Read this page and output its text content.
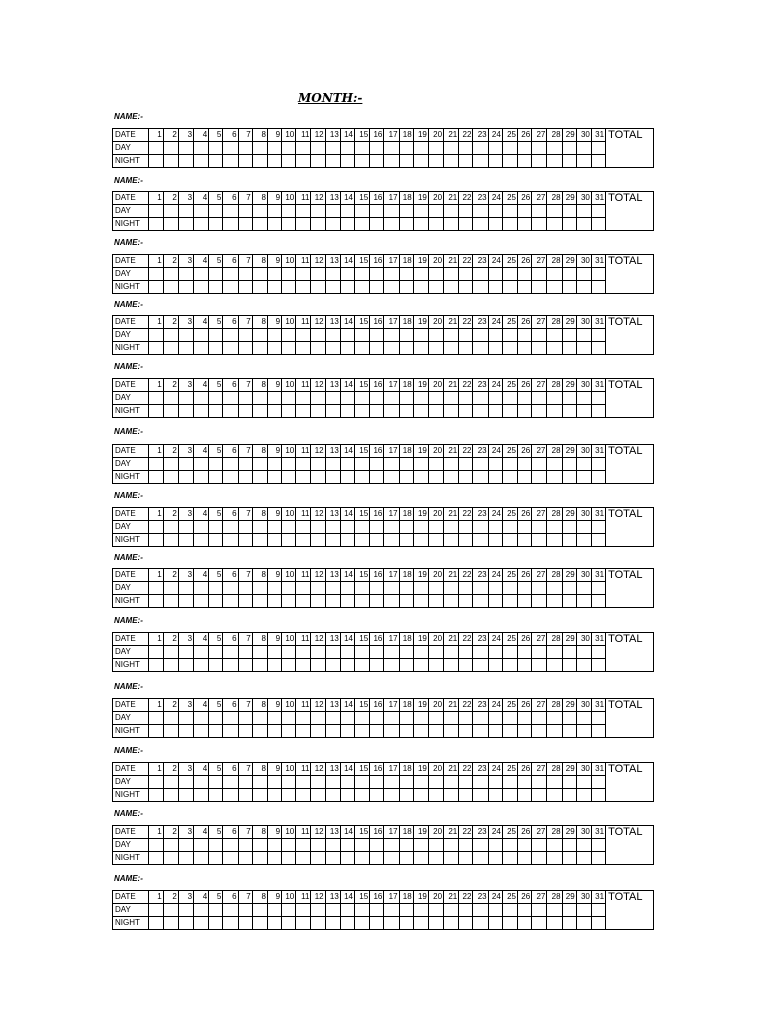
MONTH:-
NAME:-
DATE	1	2	3	4	5	6	7	8	9	10	11	12	13	14	15	16	17	18	19	20	21	22	23	24	25	26	27	28	29	30	31	TOTAL
DAY																																
NIGHT																																
NAME:-
DATE	1	2	3	4	5	6	7	8	9	10	11	12	13	14	15	16	17	18	19	20	21	22	23	24	25	26	27	28	29	30	31	TOTAL
DAY																																
NIGHT																																
NAME:-
DATE	1	2	3	4	5	6	7	8	9	10	11	12	13	14	15	16	17	18	19	20	21	22	23	24	25	26	27	28	29	30	31	TOTAL
DAY																																
NIGHT																																
NAME:-
DATE	1	2	3	4	5	6	7	8	9	10	11	12	13	14	15	16	17	18	19	20	21	22	23	24	25	26	27	28	29	30	31	TOTAL
DAY																																
NIGHT																																
NAME:-
DATE	1	2	3	4	5	6	7	8	9	10	11	12	13	14	15	16	17	18	19	20	21	22	23	24	25	26	27	28	29	30	31	TOTAL
DAY																																
NIGHT																																
NAME:-
DATE	1	2	3	4	5	6	7	8	9	10	11	12	13	14	15	16	17	18	19	20	21	22	23	24	25	26	27	28	29	30	31	TOTAL
DAY																																
NIGHT																																
NAME:-
DATE	1	2	3	4	5	6	7	8	9	10	11	12	13	14	15	16	17	18	19	20	21	22	23	24	25	26	27	28	29	30	31	TOTAL
DAY																																
NIGHT																																
NAME:-
DATE	1	2	3	4	5	6	7	8	9	10	11	12	13	14	15	16	17	18	19	20	21	22	23	24	25	26	27	28	29	30	31	TOTAL
DAY																																
NIGHT																																
NAME:-
DATE	1	2	3	4	5	6	7	8	9	10	11	12	13	14	15	16	17	18	19	20	21	22	23	24	25	26	27	28	29	30	31	TOTAL
DAY																																
NIGHT																																
NAME:-
DATE	1	2	3	4	5	6	7	8	9	10	11	12	13	14	15	16	17	18	19	20	21	22	23	24	25	26	27	28	29	30	31	TOTAL
DAY																																
NIGHT																																
NAME:-
DATE	1	2	3	4	5	6	7	8	9	10	11	12	13	14	15	16	17	18	19	20	21	22	23	24	25	26	27	28	29	30	31	TOTAL
DAY																																
NIGHT																																
NAME:-
DATE	1	2	3	4	5	6	7	8	9	10	11	12	13	14	15	16	17	18	19	20	21	22	23	24	25	26	27	28	29	30	31	TOTAL
DAY																																
NIGHT																																
NAME:-
DATE	1	2	3	4	5	6	7	8	9	10	11	12	13	14	15	16	17	18	19	20	21	22	23	24	25	26	27	28	29	30	31	TOTAL
DAY																																
NIGHT																																
